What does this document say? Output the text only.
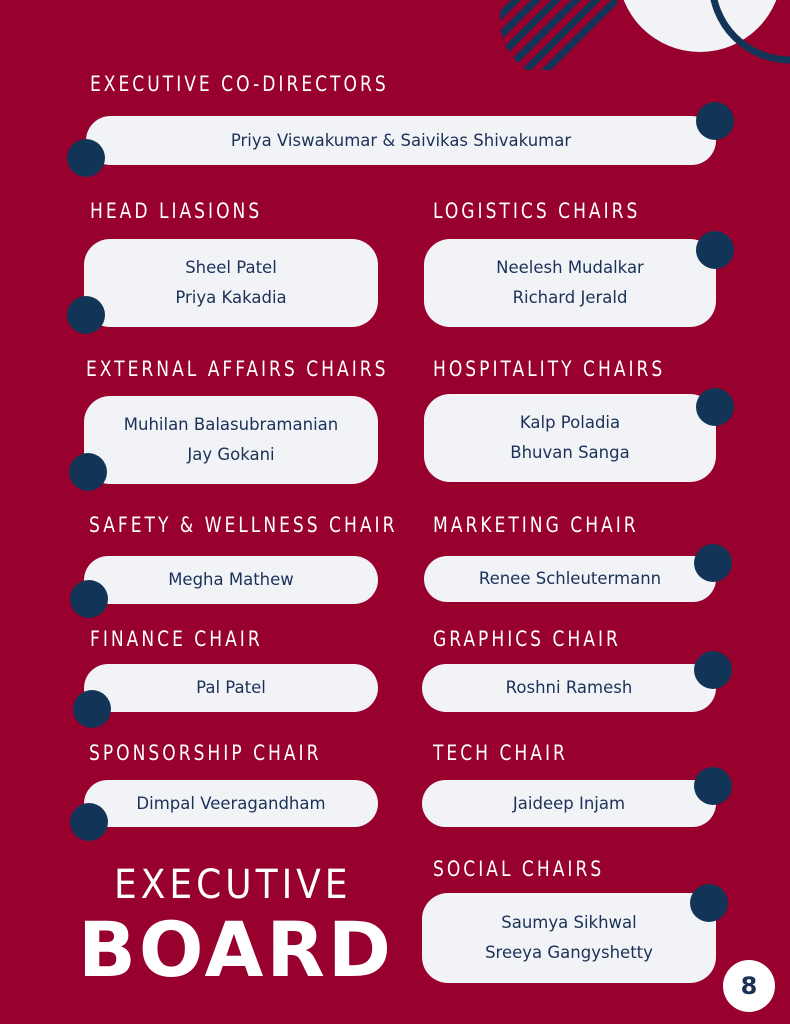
EXECUTIVE CO-DIRECTORS
Priya Viswakumar & Saivikas Shivakumar
HEAD LIASIONS
Sheel Patel
Priya Kakadia
LOGISTICS CHAIRS
Neelesh Mudalkar
Richard Jerald
EXTERNAL AFFAIRS CHAIRS
Muhilan Balasubramanian
Jay Gokani
HOSPITALITY CHAIRS
Kalp Poladia
Bhuvan Sanga
SAFETY & WELLNESS CHAIR
Megha Mathew
MARKETING CHAIR
Renee Schleutermann
FINANCE CHAIR
Pal Patel
GRAPHICS CHAIR
Roshni Ramesh
SPONSORSHIP CHAIR
Dimpal Veeragandham
TECH CHAIR
Jaideep Injam
SOCIAL CHAIRS
Saumya Sikhwal
Sreeya Gangyshetty
EXECUTIVE
BOARD	8
